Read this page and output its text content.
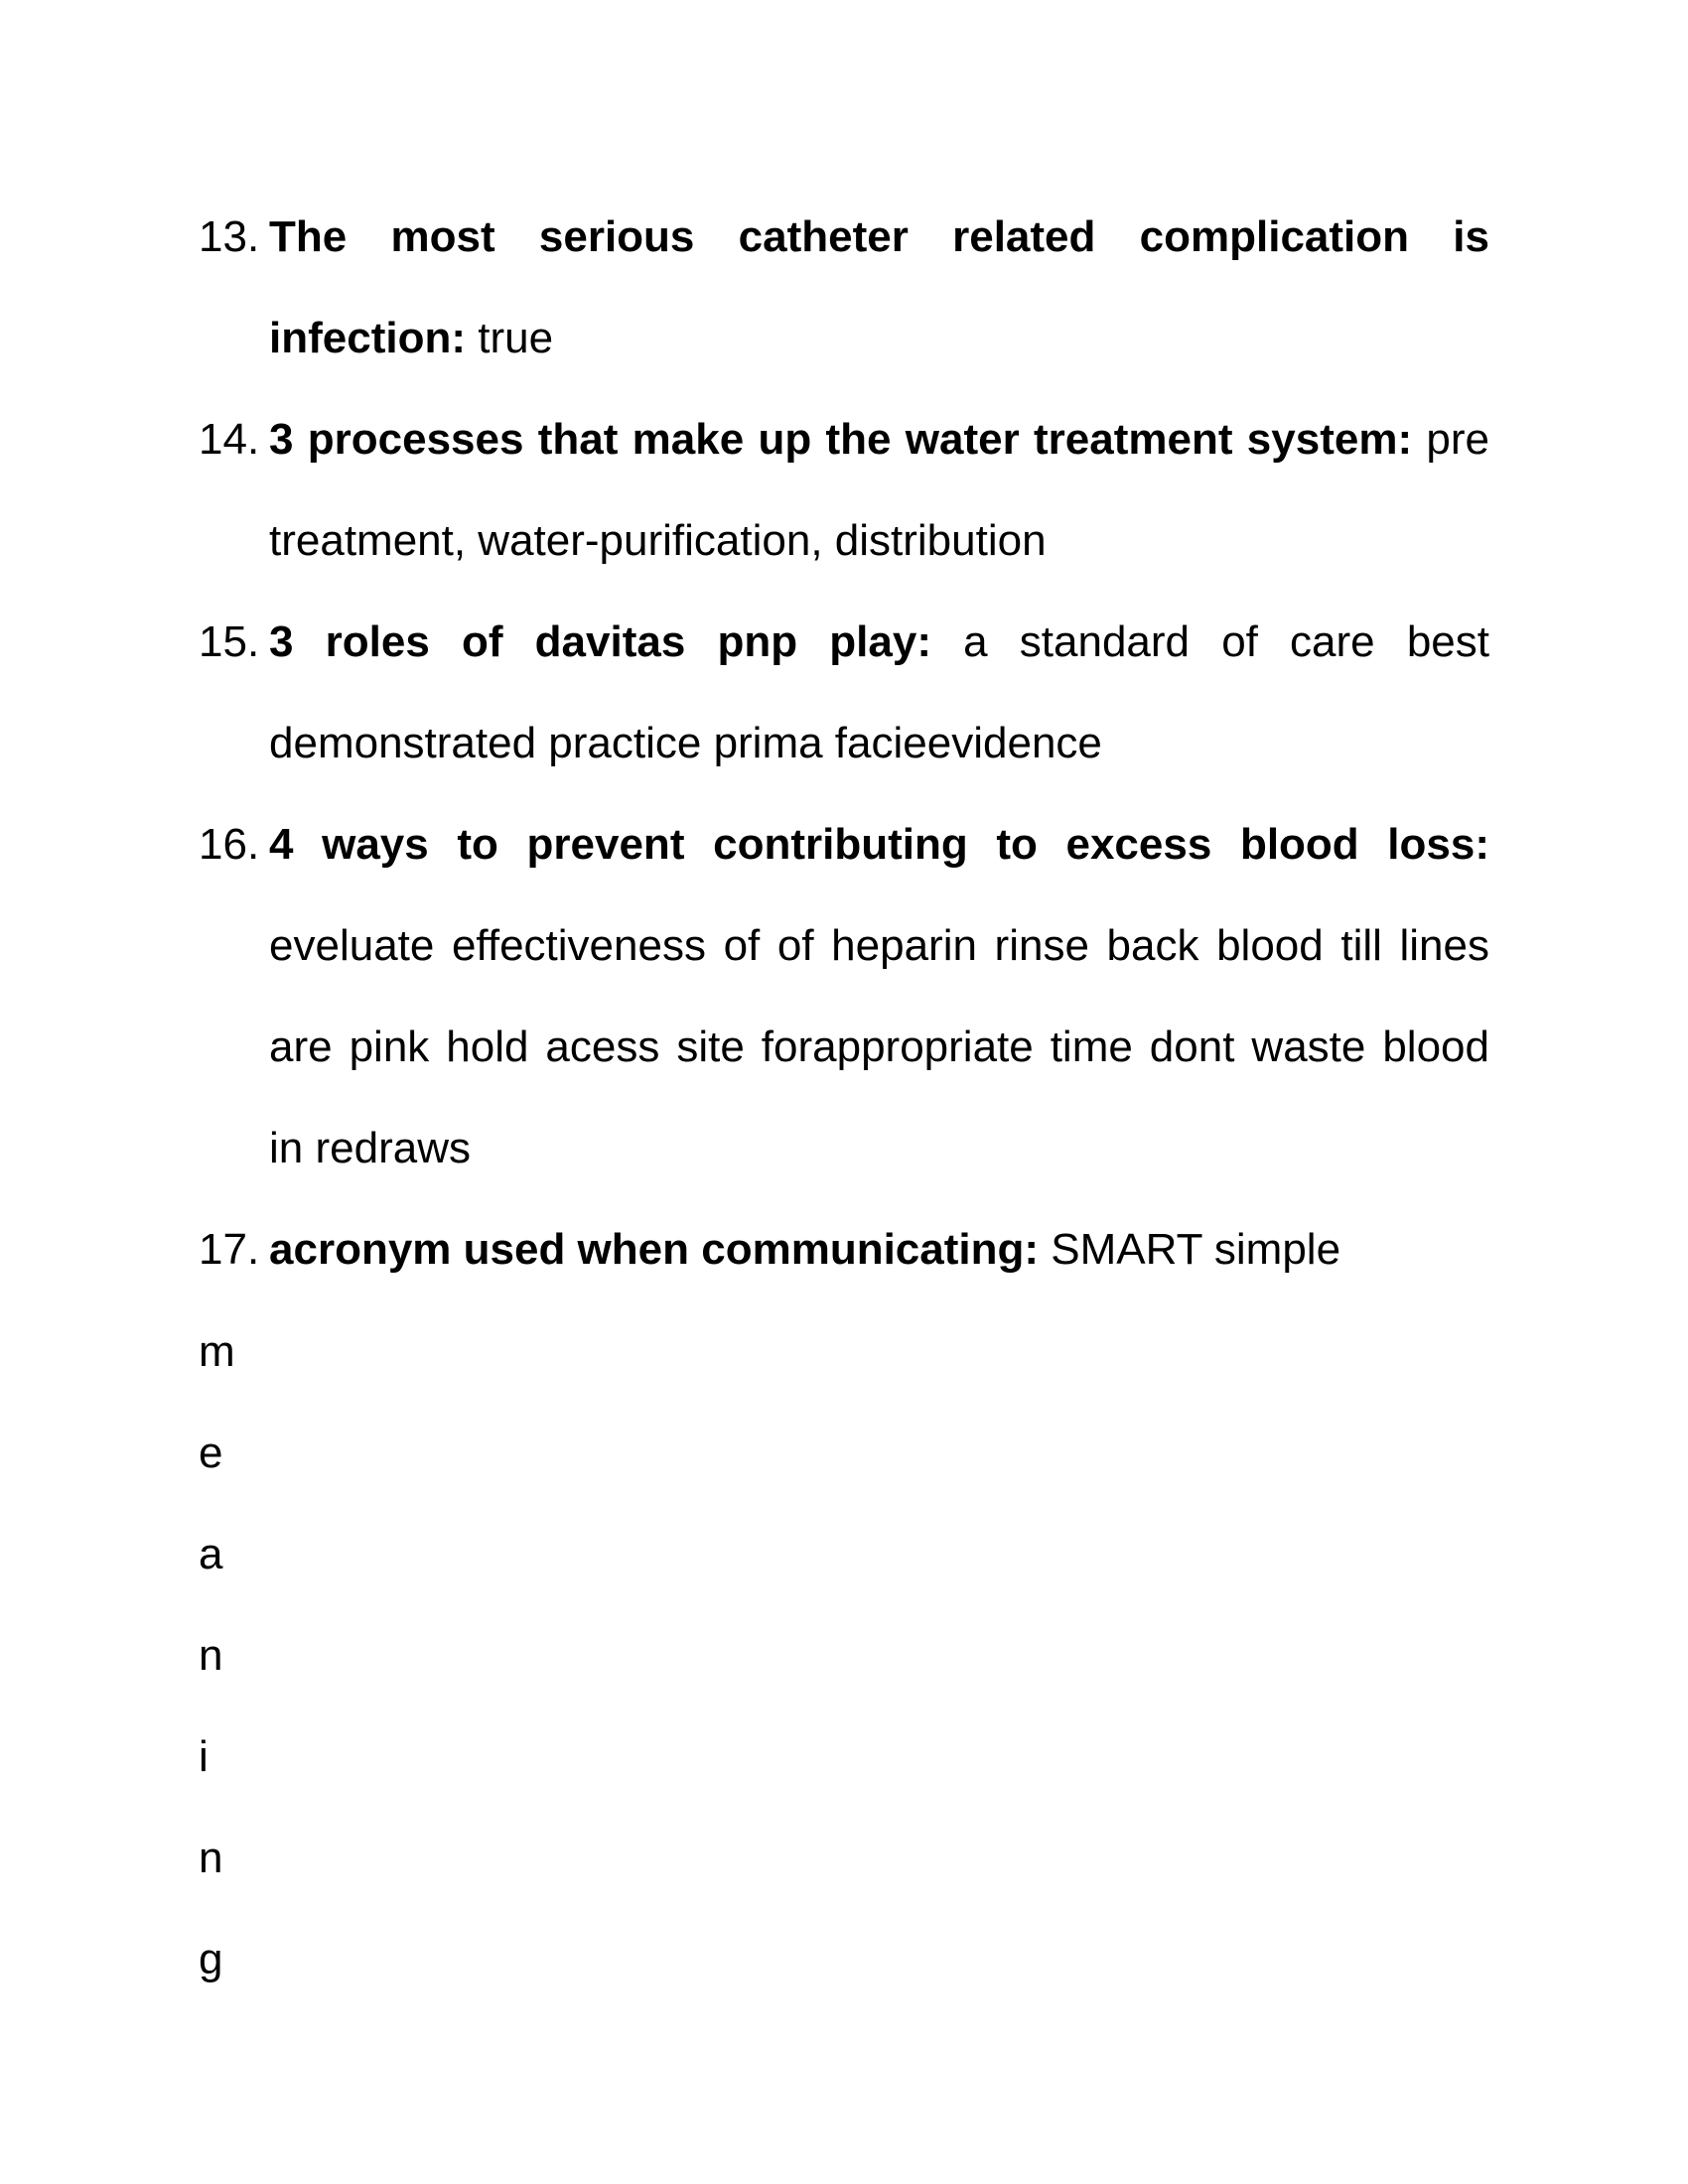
13. The most serious catheter related complication is infection: true
14. 3 processes that make up the water treatment system: pre treatment, water-purification, distribution
15. 3 roles of davitas pnp play: a standard of care best demonstrated practice prima facieevidence
16. 4 ways to prevent contributing to excess blood loss: eveluate effectiveness of of heparin rinse back blood till lines are pink hold acess site forappropriate time dont waste blood in redraws
17. acronym used when communicating: SMART simple
m
e
a
n
i
n
g
